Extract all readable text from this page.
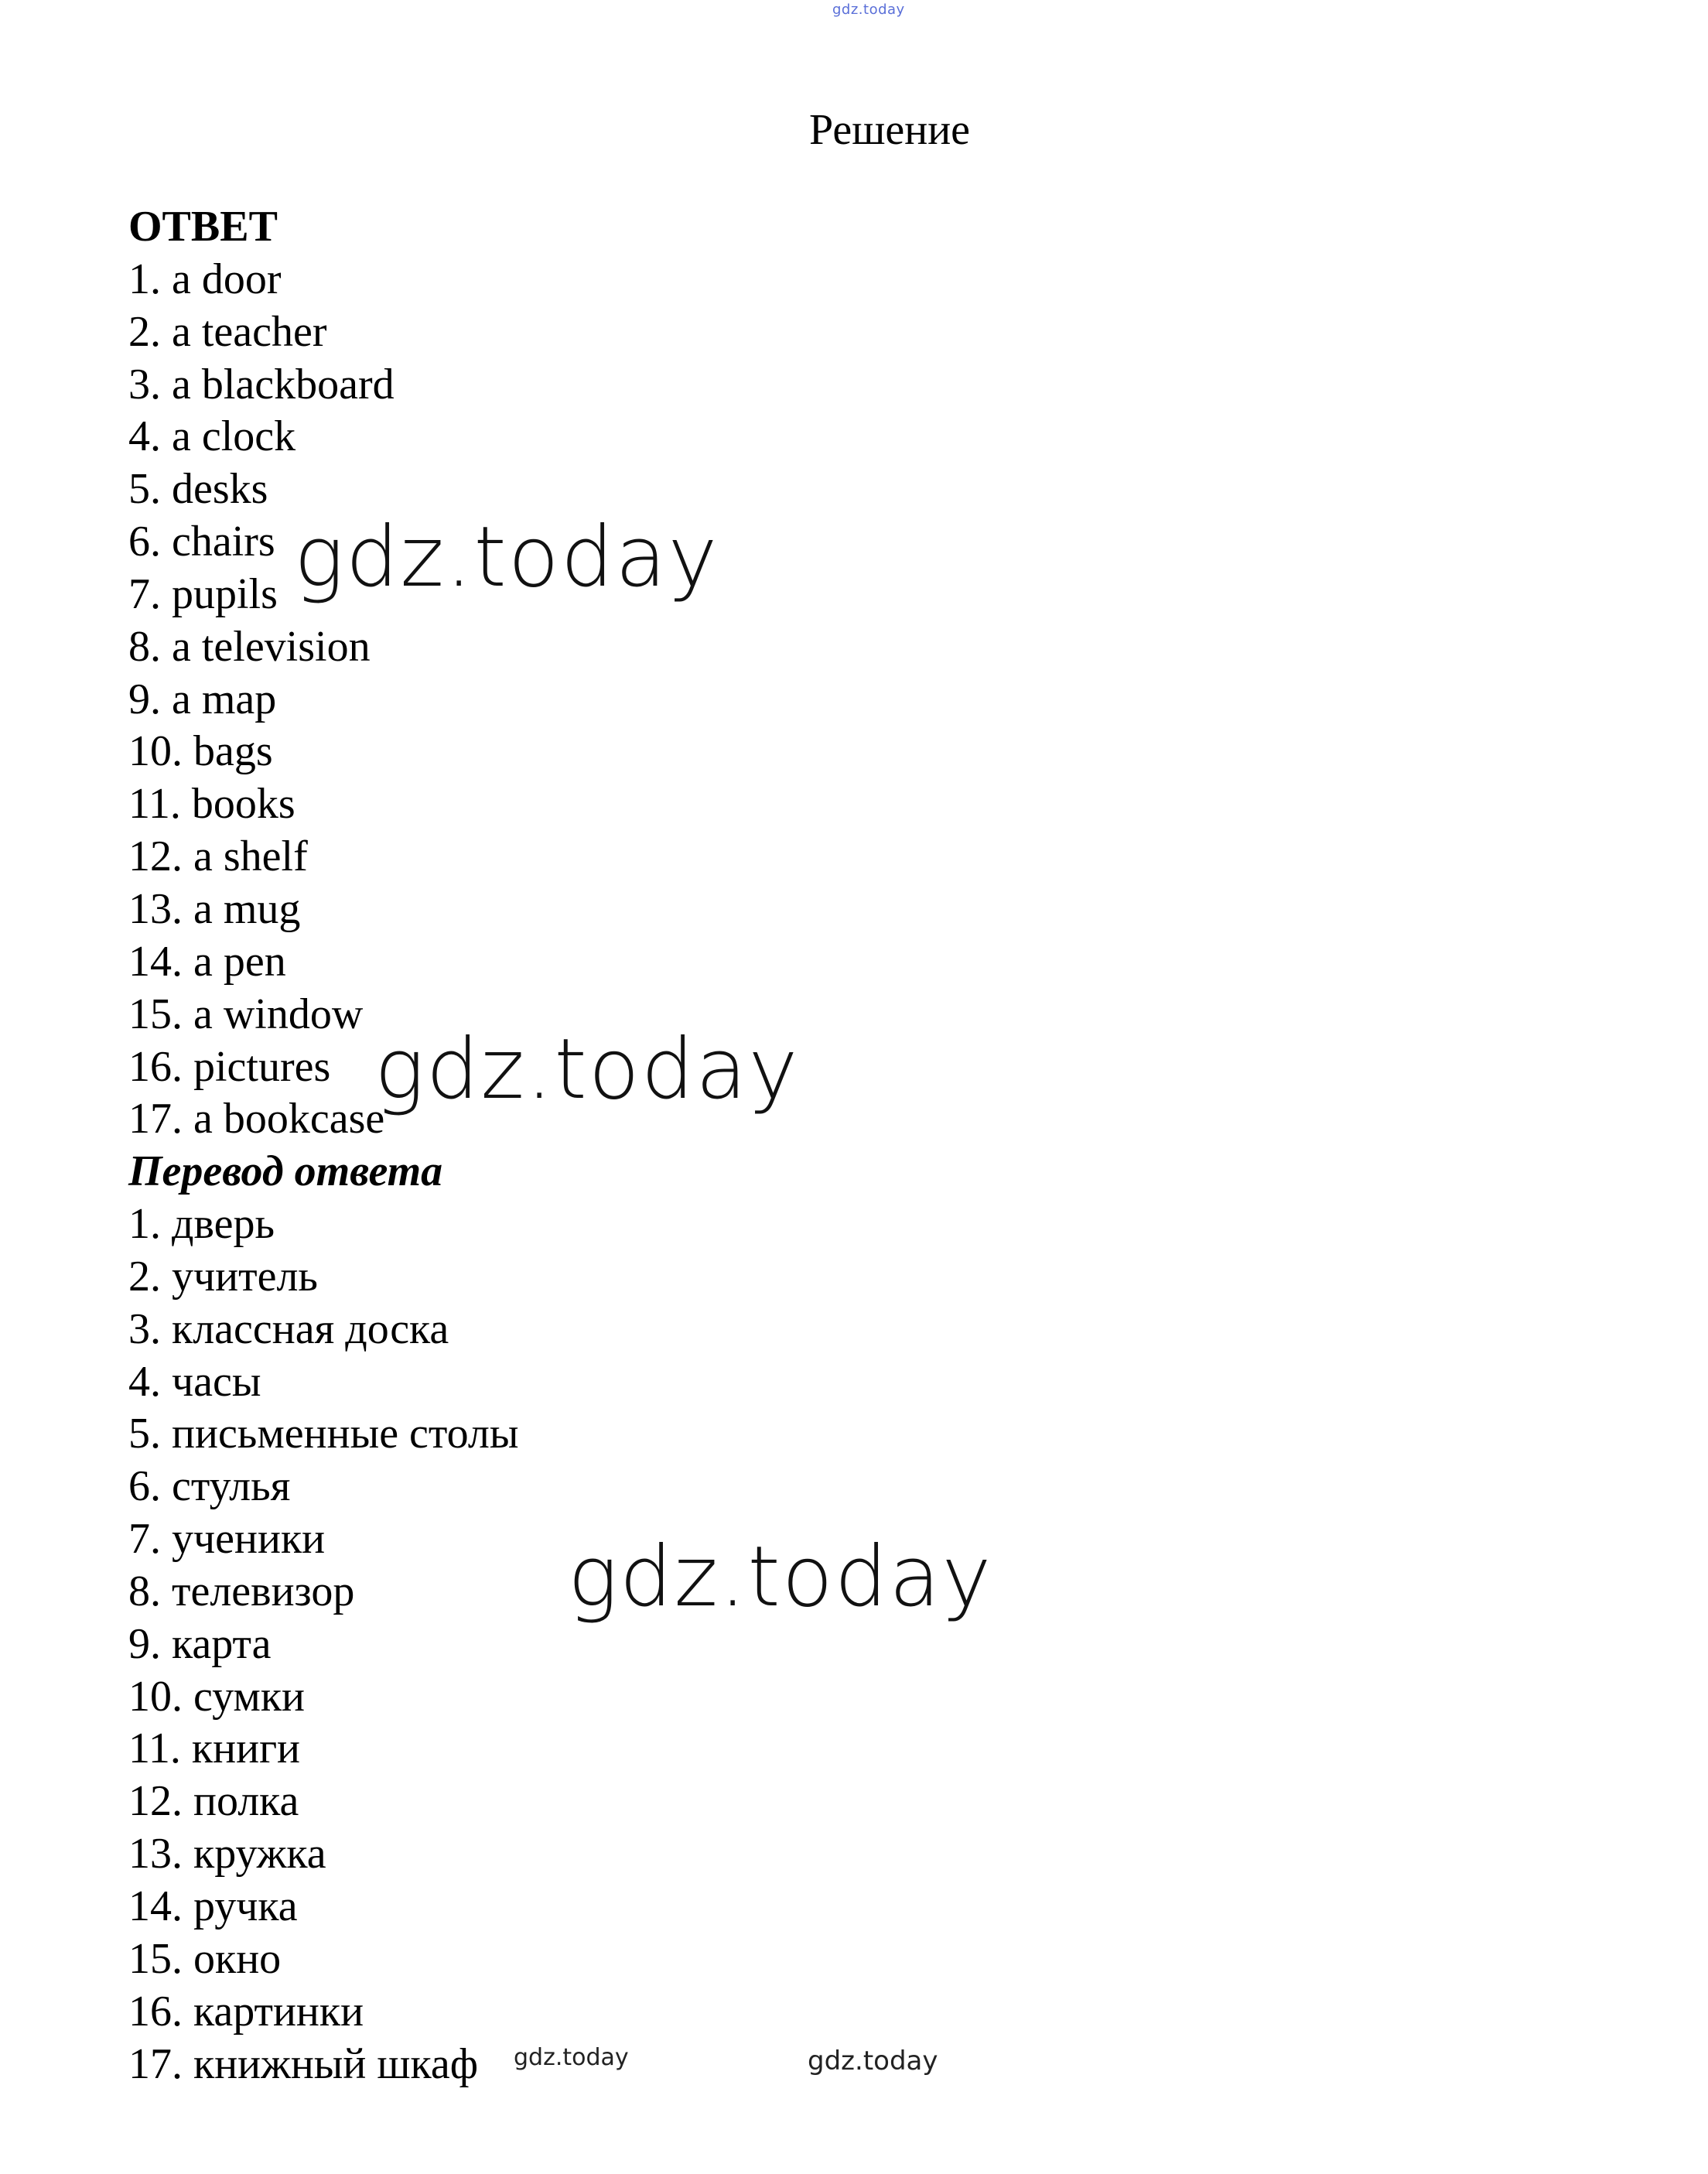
gdz.today
Решение
ОТВЕТ
1. a door
2. a teacher
3. a blackboard
4. a clock
5. desks
6. chairs
7. pupils
8. a television
9. a map
10. bags
11. books
12. a shelf
13. a mug
14. a pen
15. a window
16. pictures
17. a bookcase
Перевод ответа
1. дверь
2. учитель
3. классная доска
4. часы
5. письменные столы
6. стулья
7. ученики
8. телевизор
9. карта
10. сумки
11. книги
12. полка
13. кружка
14. ручка
15. окно
16. картинки
17. книжный шкаф
gdz.today
gdz.today
gdz.today
gdz.today	gdz.today
